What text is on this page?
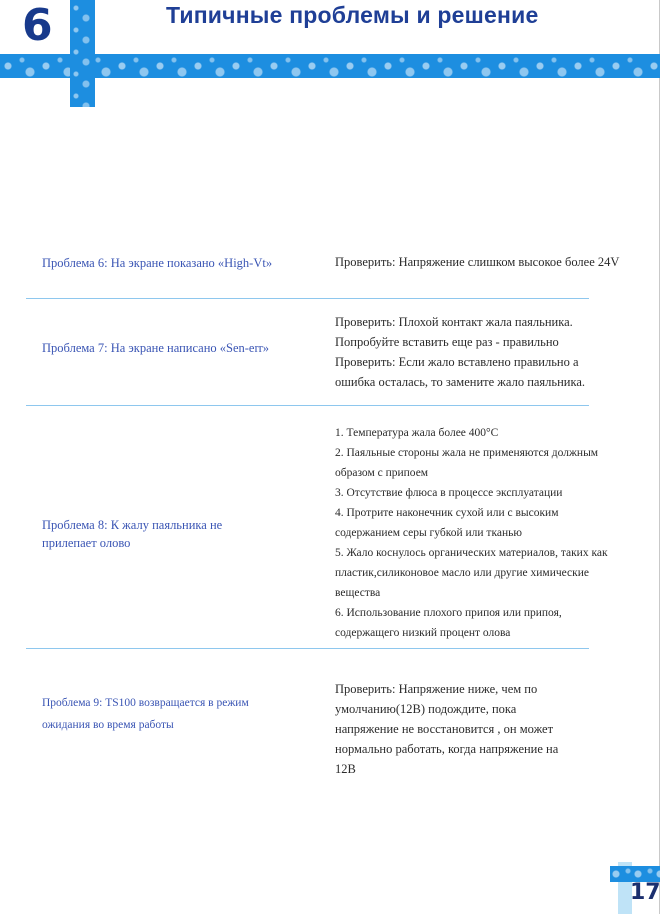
6	Типичные проблемы и решение
Проблема 6: На экране показано «High-Vt»	Проверить: Напряжение слишком высокое более 24V
Проблема 7: На экране написано «Sen-err»
Проверить: Плохой контакт жала паяльника.
Попробуйте вставить еще раз - правильно
Проверить: Если жало вставлено правильно а
ошибка осталась, то замените жало паяльника.
Проблема 8: К жалу паяльника не
прилепает олово
1. Температура жала более 400°C
2. Паяльные стороны жала не применяются должным
образом с припоем
3. Отсутствие флюса в процессе эксплуатации
4. Протрите наконечник сухой или с высоким
содержанием серы губкой или тканью
5. Жало коснулось органических материалов, таких как
пластик,силиконовое масло или другие химические
вещества
6. Использование плохого припоя или припоя,
содержащего низкий процент олова
Проблема 9: TS100 возвращается в режим
ожидания во время работы
Проверить: Напряжение ниже, чем по
умолчанию(12В) подождите, пока
напряжение не восстановится , он может
нормально работать, когда напряжение на
12В
17
